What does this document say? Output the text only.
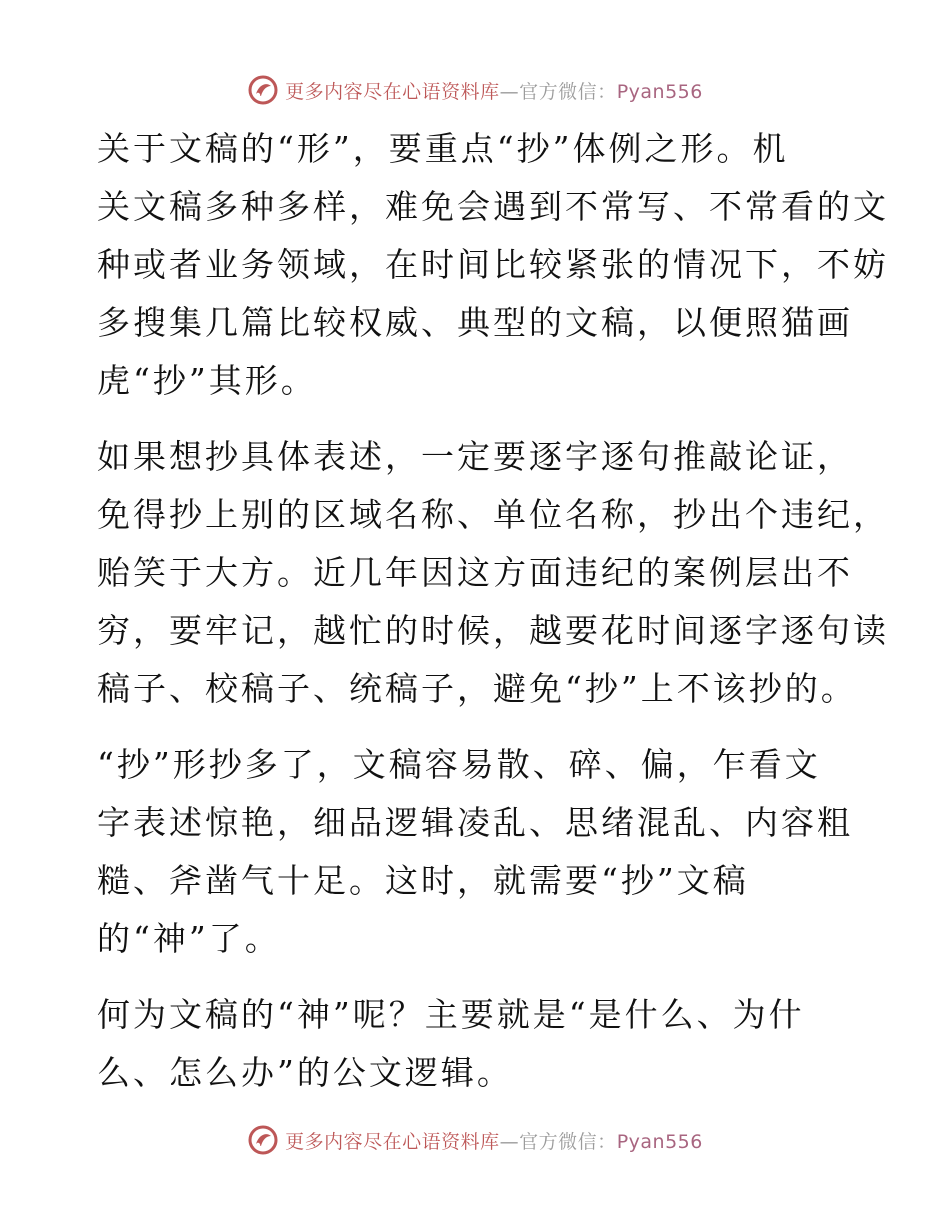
更多内容尽在心语资料库—官方微信：Pyan556
关于文稿的“形”，要重点“抄”体例之形。机
关文稿多种多样，难免会遇到不常写、不常看的文
种或者业务领域，在时间比较紧张的情况下，不妨
多搜集几篇比较权威、典型的文稿，以便照猫画
虎“抄”其形。
如果想抄具体表述，一定要逐字逐句推敲论证，
免得抄上别的区域名称、单位名称，抄出个违纪，
贻笑于大方。近几年因这方面违纪的案例层出不
穷，要牢记，越忙的时候，越要花时间逐字逐句读
稿子、校稿子、统稿子，避免“抄”上不该抄的。
“抄”形抄多了，文稿容易散、碎、偏，乍看文
字表述惊艳，细品逻辑凌乱、思绪混乱、内容粗
糙、斧凿气十足。这时，就需要“抄”文稿
的“神”了。
何为文稿的“神”呢？主要就是“是什么、为什
么、怎么办”的公文逻辑。
更多内容尽在心语资料库—官方微信：Pyan556
